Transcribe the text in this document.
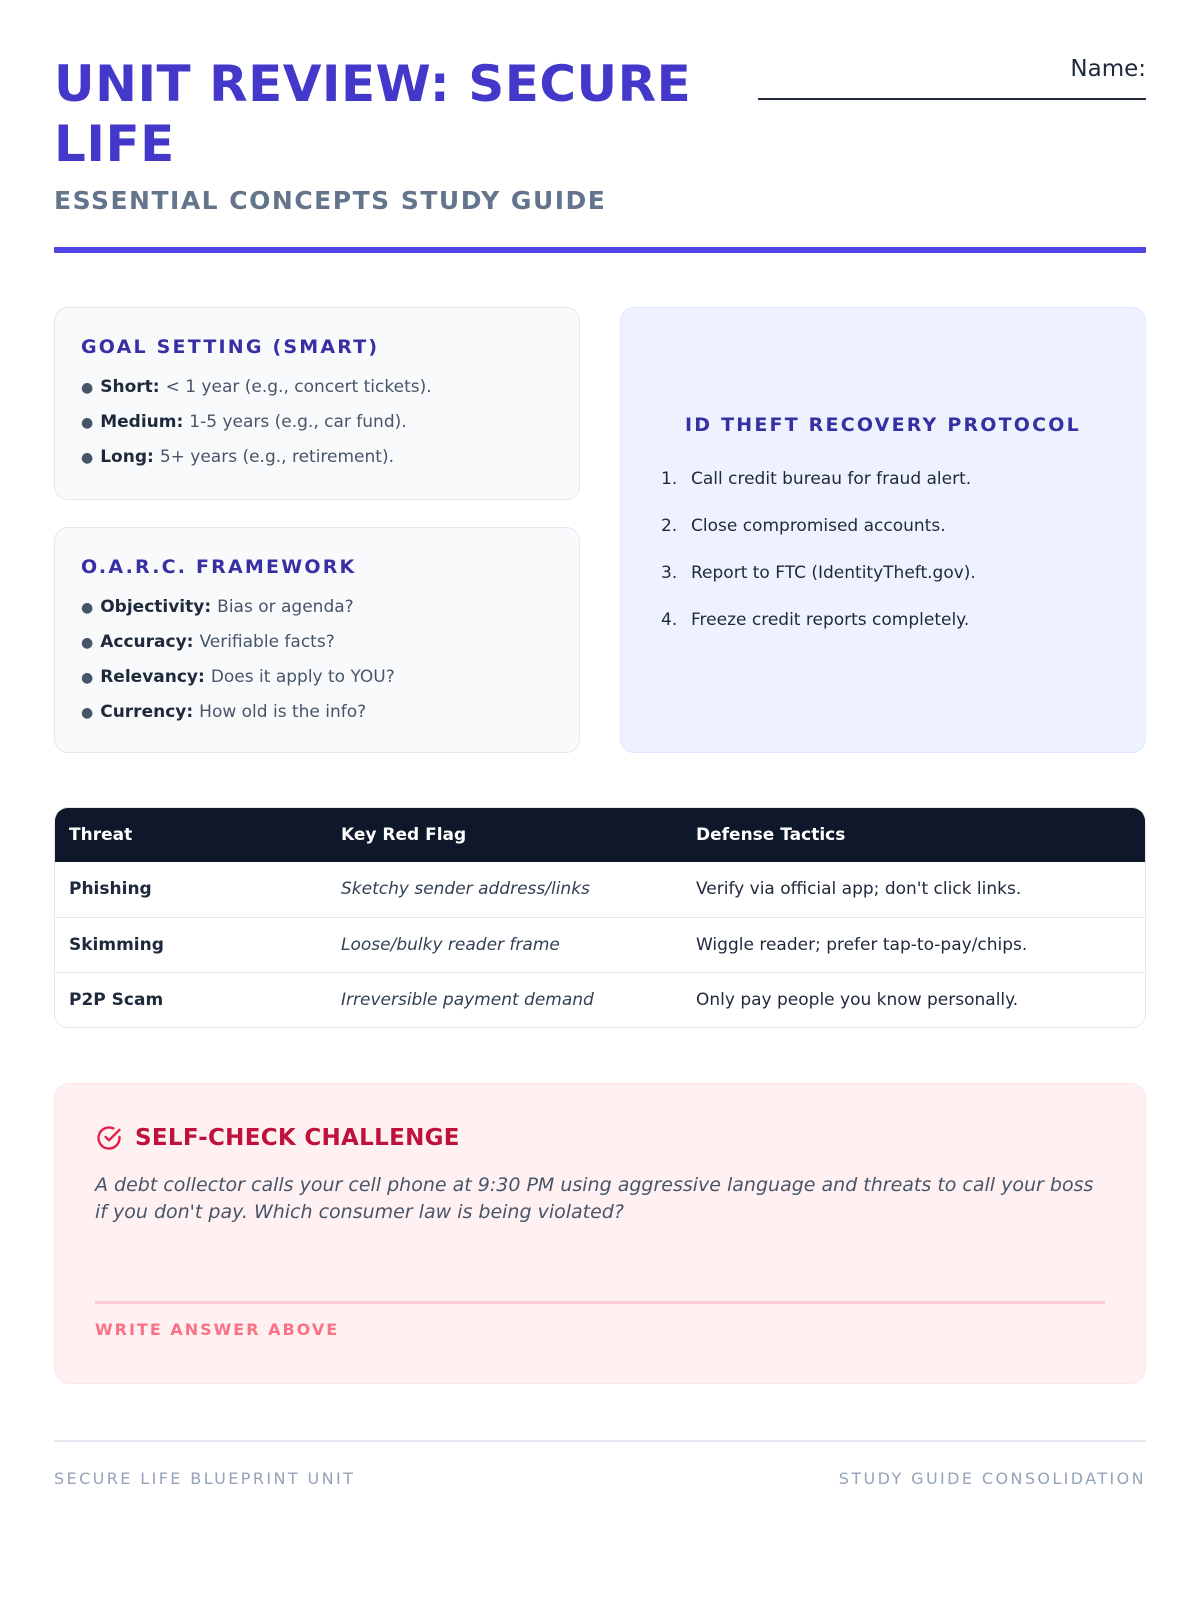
UNIT REVIEW: SECURE LIFE
ESSENTIAL CONCEPTS STUDY GUIDE
Name:
GOAL SETTING (SMART)
● Short: < 1 year (e.g., concert tickets).
● Medium: 1-5 years (e.g., car fund).
● Long: 5+ years (e.g., retirement).
O.A.R.C. FRAMEWORK
● Objectivity: Bias or agenda?
● Accuracy: Verifiable facts?
● Relevancy: Does it apply to YOU?
● Currency: How old is the info?
ID THEFT RECOVERY PROTOCOL
1. Call credit bureau for fraud alert.
2. Close compromised accounts.
3. Report to FTC (IdentityTheft.gov).
4. Freeze credit reports completely.
Threat	Key Red Flag	Defense Tactics
Phishing	Sketchy sender address/links	Verify via official app; don't click links.
Skimming	Loose/bulky reader frame	Wiggle reader; prefer tap-to-pay/chips.
P2P Scam	Irreversible payment demand	Only pay people you know personally.
SELF-CHECK CHALLENGE
A debt collector calls your cell phone at 9:30 PM using aggressive language and threats to call your boss if you don't pay. Which consumer law is being violated?
WRITE ANSWER ABOVE
SECURE LIFE BLUEPRINT UNIT	STUDY GUIDE CONSOLIDATION
